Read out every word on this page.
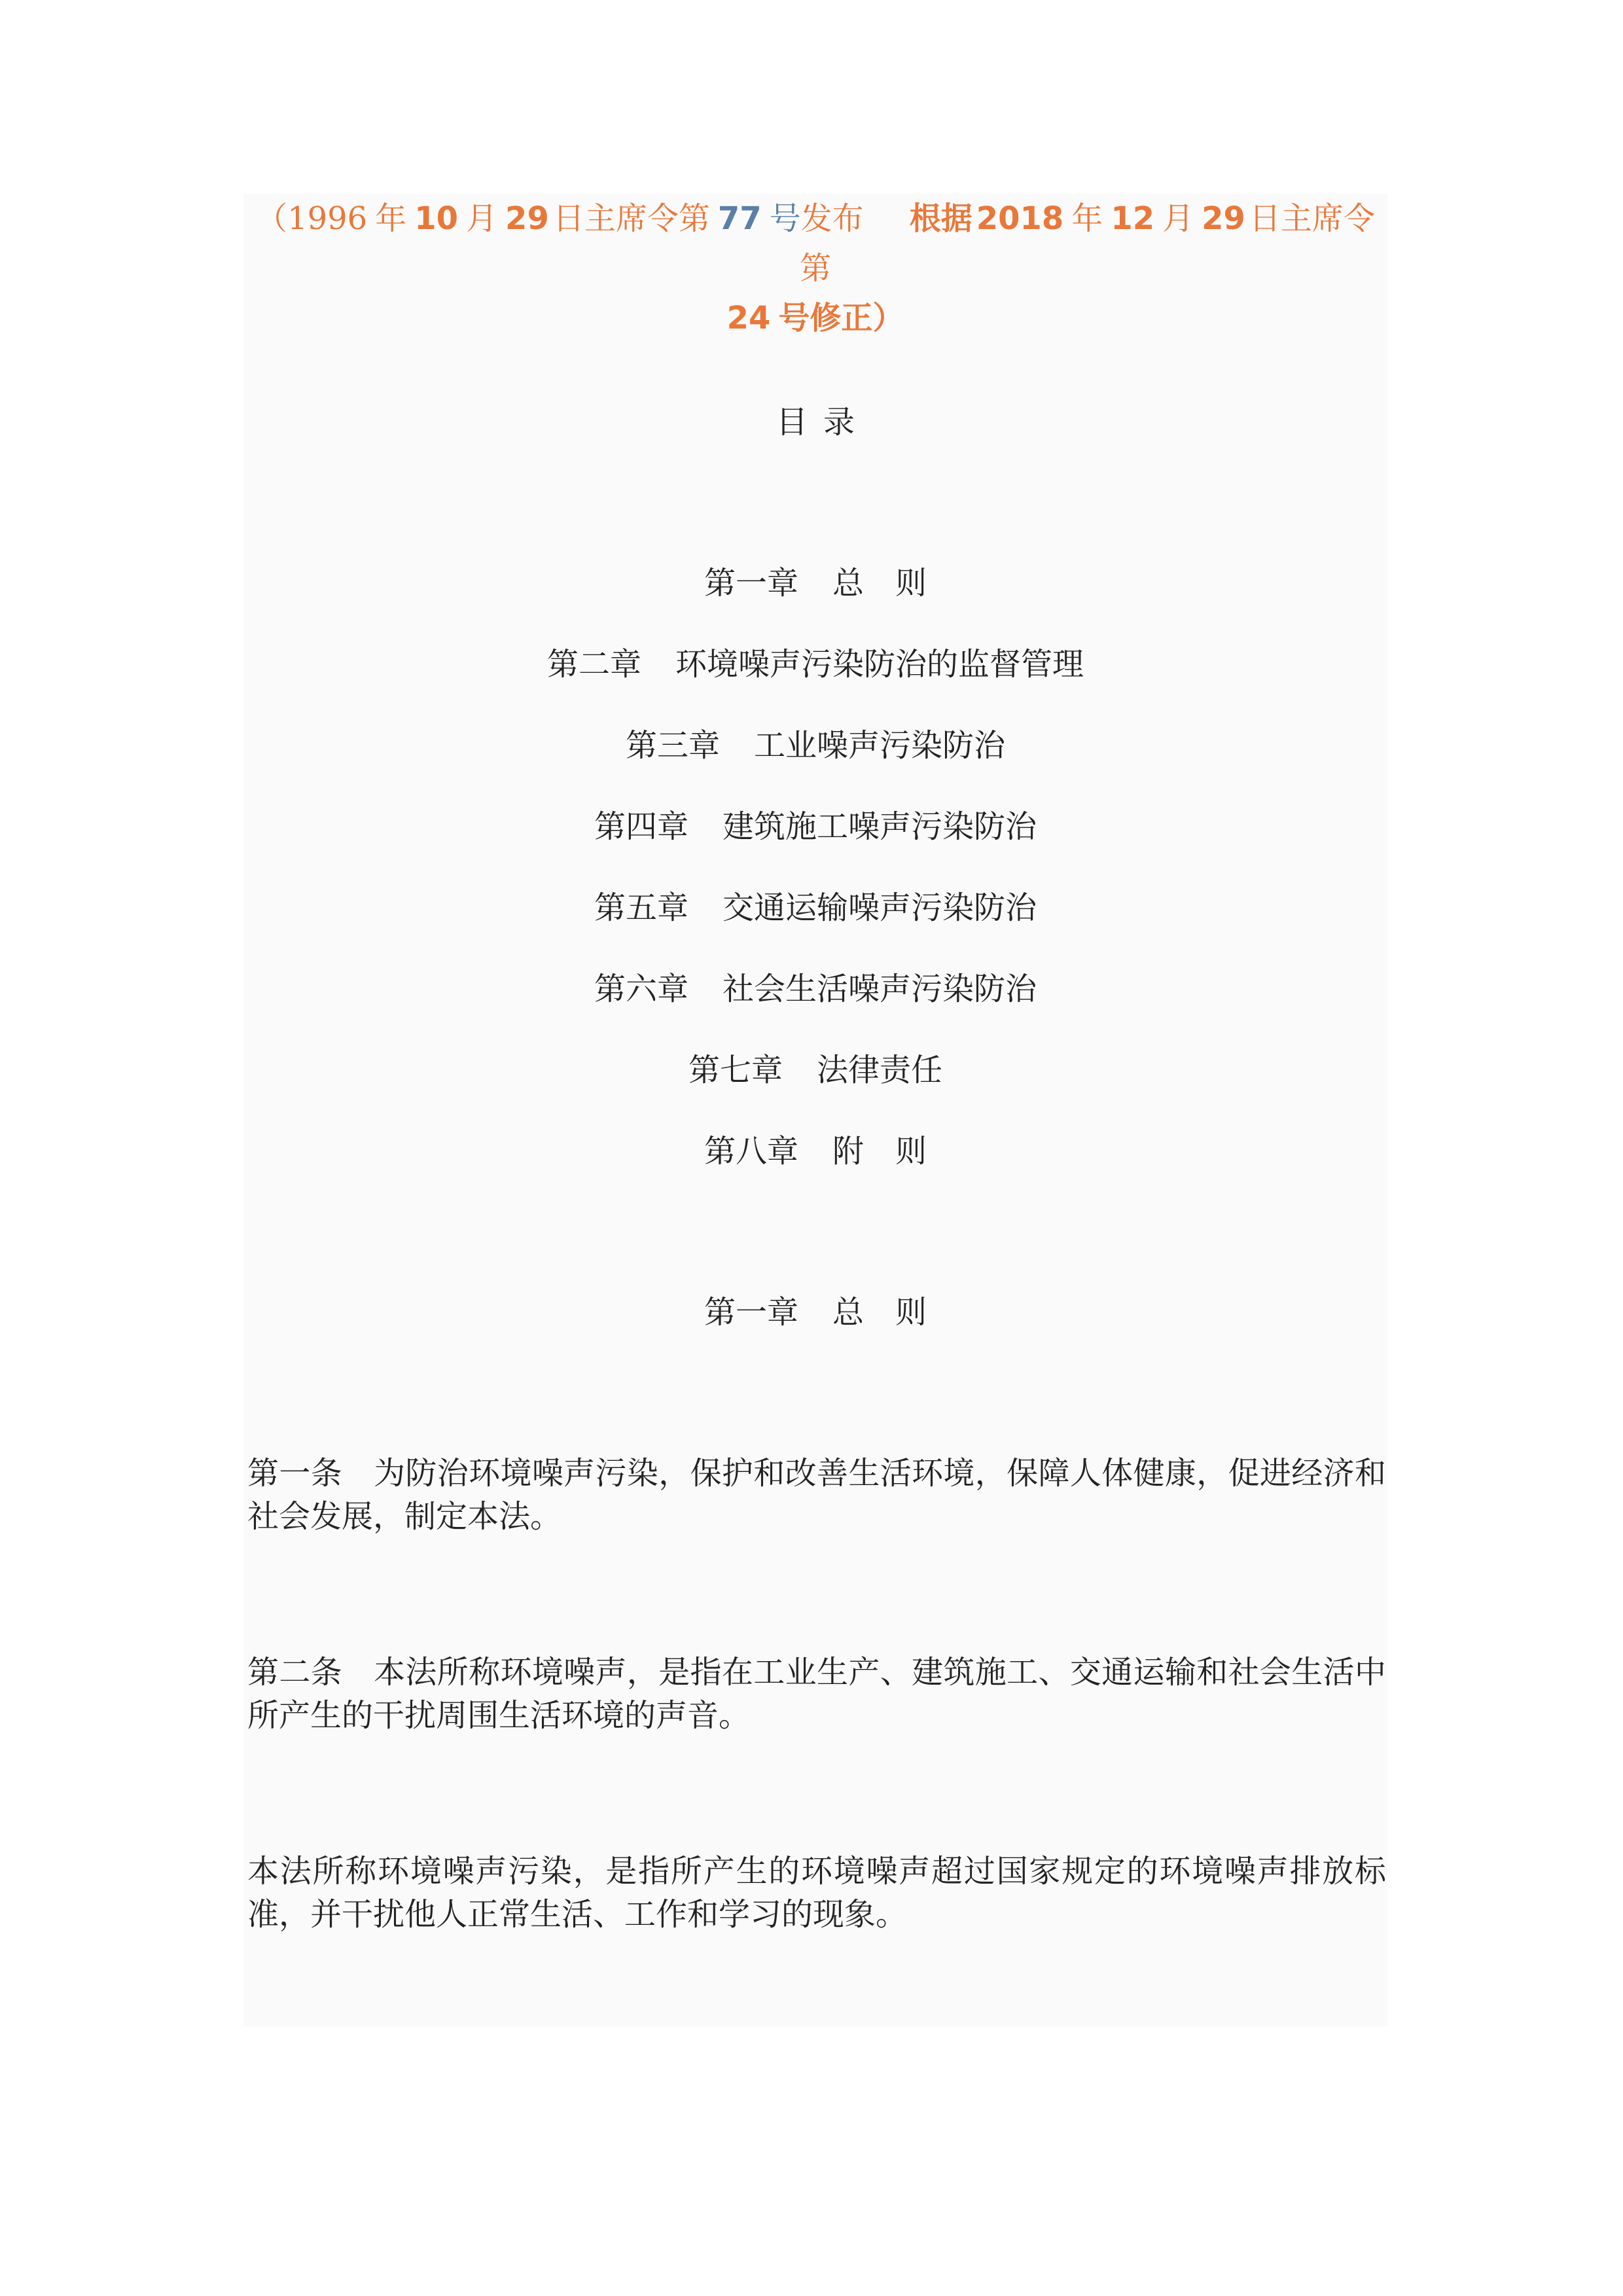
（1996 年 10 月 29 日主席令第 77 号发布 根据 2018 年 12 月 29 日主席令第
24 号修正）
目 录
第一章 总　则
第二章 环境噪声污染防治的监督管理
第三章 工业噪声污染防治
第四章 建筑施工噪声污染防治
第五章 交通运输噪声污染防治
第六章 社会生活噪声污染防治
第七章 法律责任
第八章 附　则
第一章 总　则

第一条 为防治环境噪声污染，保护和改善生活环境，保障人体健康，促进经济和社会发展，制定本法。

第二条 本法所称环境噪声，是指在工业生产、建筑施工、交通运输和社会生活中所产生的干扰周围生活环境的声音。

本法所称环境噪声污染，是指所产生的环境噪声超过国家规定的环境噪声排放标准，并干扰他人正常生活、工作和学习的现象。
